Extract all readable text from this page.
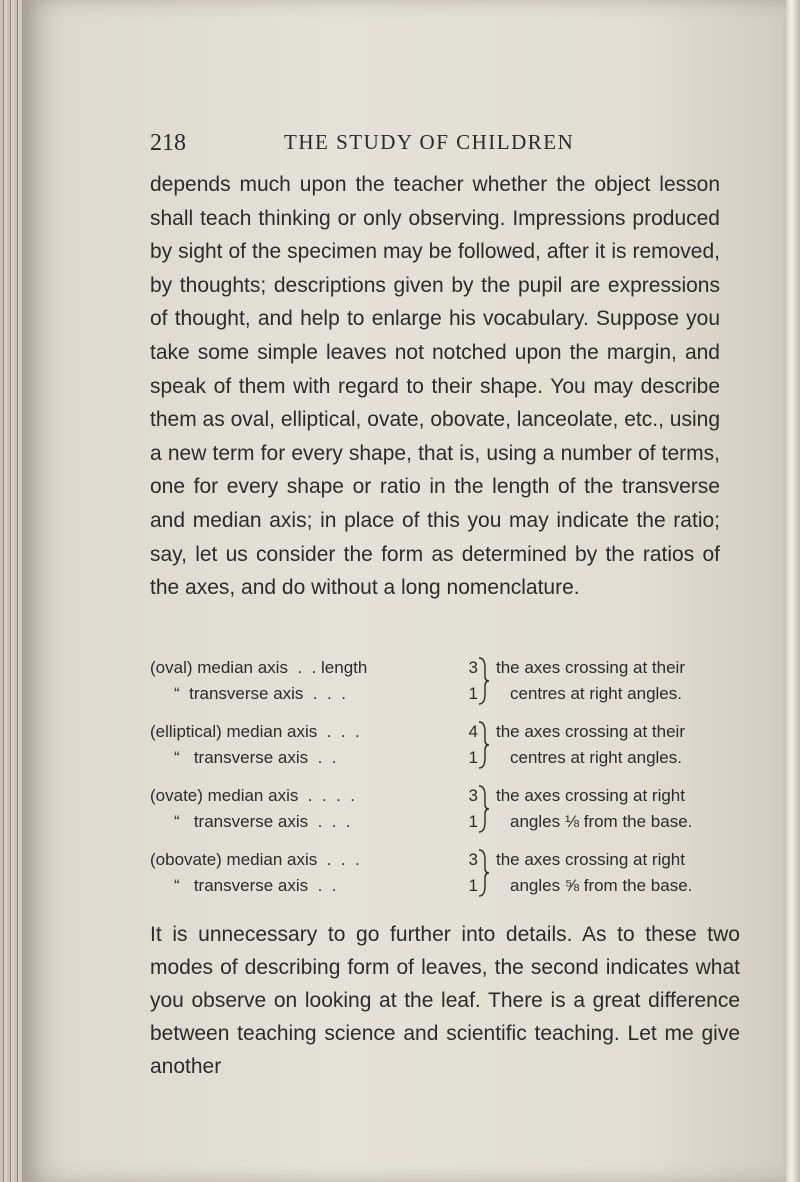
218	THE STUDY OF CHILDREN
depends much upon the teacher whether the object lesson shall teach thinking or only observing. Impressions produced by sight of the specimen may be followed, after it is removed, by thoughts; descriptions given by the pupil are expressions of thought, and help to enlarge his vocabulary. Suppose you take some simple leaves not notched upon the margin, and speak of them with regard to their shape. You may describe them as oval, elliptical, ovate, obovate, lanceolate, etc., using a new term for every shape, that is, using a number of terms, one for every shape or ratio in the length of the transverse and median axis; in place of this you may indicate the ratio; say, let us consider the form as determined by the ratios of the axes, and do without a long nomenclature.
(oval) median axis  .  . length
“  transverse axis  .  .  .
3
1
the axes crossing at their
centres at right angles.
(elliptical) median axis  .  .  .
“   transverse axis  .  .
4
1
the axes crossing at their
centres at right angles.
(ovate) median axis  .  .  .  .
“   transverse axis  .  .  .
3
1
the axes crossing at right
angles ⅛ from the base.
(obovate) median axis  .  .  .
“   transverse axis  .  .
3
1
the axes crossing at right
angles ⅝ from the base.
It is unnecessary to go further into details. As to these two modes of describing form of leaves, the second indicates what you observe on looking at the leaf. There is a great difference between teaching science and scientific teaching. Let me give another
